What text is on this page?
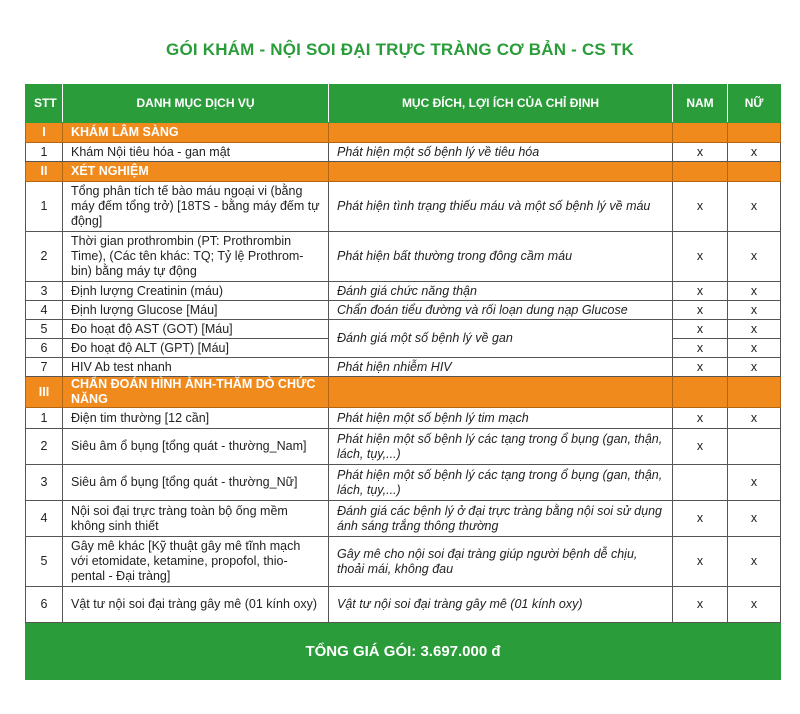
GÓI KHÁM - NỘI SOI ĐẠI TRỰC TRÀNG CƠ BẢN - CS TK
STT	DANH MỤC DỊCH VỤ	MỤC ĐÍCH, LỢI ÍCH CỦA CHỈ ĐỊNH	NAM	NỮ
I	KHÁM LÂM SÀNG			
1	Khám Nội tiêu hóa - gan mật	Phát hiện một số bệnh lý về tiêu hóa	x	x
II	XÉT NGHIỆM			
1	Tổng phân tích tế bào máu ngoại vi (bằng máy đếm tổng trở) [18TS - bằng máy đếm tự động]	Phát hiện tình trạng thiếu máu và một số bệnh lý về máu	x	x
2	Thời gian prothrombin (PT: Prothrombin Time), (Các tên khác: TQ; Tỷ lệ Prothrom-bin) bằng máy tự động	Phát hiện bất thường trong đông cầm máu	x	x
3	Định lượng Creatinin (máu)	Đánh giá chức năng thận	x	x
4	Định lượng Glucose [Máu]	Chẩn đoán tiểu đường và rối loạn dung nạp Glucose	x	x
5	Đo hoạt độ AST (GOT) [Máu]	Đánh giá một số bệnh lý về gan	x	x
6	Đo hoạt độ ALT (GPT) [Máu]		x	x
7	HIV Ab test nhanh	Phát hiện nhiễm HIV	x	x
III	CHẨN ĐOÁN HÌNH ẢNH-THĂM DÒ CHỨC NĂNG			
1	Điện tim thường [12 cần]	Phát hiện một số bệnh lý tim mạch	x	x
2	Siêu âm ổ bụng [tổng quát - thường_Nam]	Phát hiện một số bệnh lý các tạng trong ổ bụng (gan, thận, lách, tụy,...)	x	
3	Siêu âm ổ bụng [tổng quát - thường_Nữ]	Phát hiện một số bệnh lý các tạng trong ổ bụng (gan, thận, lách, tụy,...)		x
4	Nội soi đại trực tràng toàn bộ ống mềm không sinh thiết	Đánh giá các bệnh lý ở đại trực tràng bằng nội soi sử dụng ánh sáng trắng thông thường	x	x
5	Gây mê khác [Kỹ thuật gây mê tĩnh mạch với etomidate, ketamine, propofol, thio-pental - Đại tràng]	Gây mê cho nội soi đại tràng giúp người bệnh dễ chịu, thoải mái, không đau	x	x
6	Vật tư nội soi đại tràng gây mê (01 kính oxy)	Vật tư nội soi đại tràng gây mê (01 kính oxy)	x	x
TỔNG GIÁ GÓI: 3.697.000 đ				
